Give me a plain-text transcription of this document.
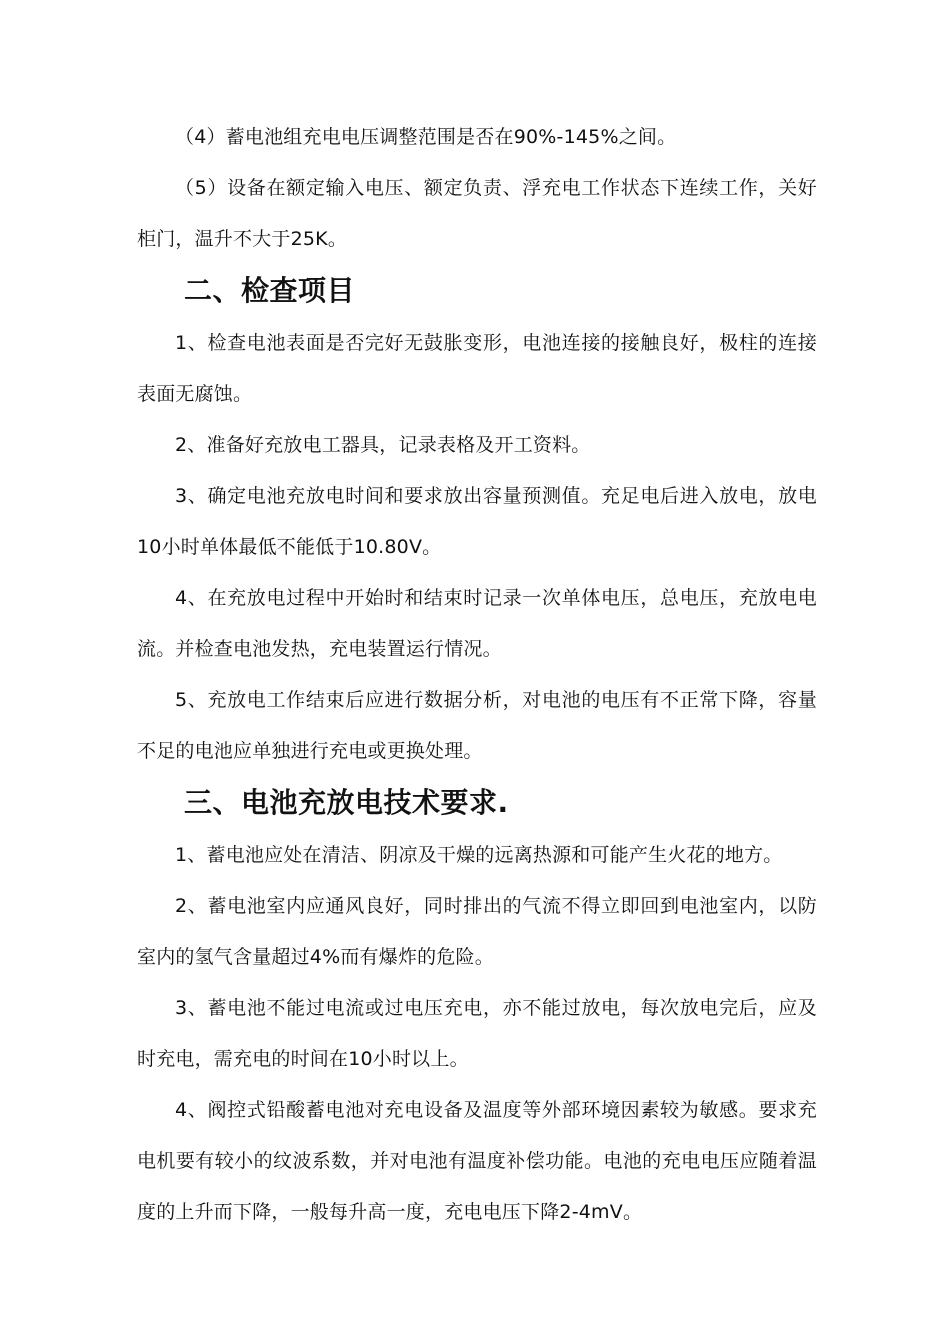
（4）蓄电池组充电电压调整范围是否在90%-145%之间。

（5）设备在额定输入电压、额定负责、浮充电工作状态下连续工作，关好柜门，温升不大于25K。

二、检查项目

1、检查电池表面是否完好无鼓胀变形，电池连接的接触良好，极柱的连接表面无腐蚀。

2、准备好充放电工器具，记录表格及开工资料。

3、确定电池充放电时间和要求放出容量预测值。充足电后进入放电，放电10小时单体最低不能低于10.80V。

4、在充放电过程中开始时和结束时记录一次单体电压，总电压，充放电电流。并检查电池发热，充电装置运行情况。

5、充放电工作结束后应进行数据分析，对电池的电压有不正常下降，容量不足的电池应单独进行充电或更换处理。

三、电池充放电技术要求.

1、蓄电池应处在清洁、阴凉及干燥的远离热源和可能产生火花的地方。

2、蓄电池室内应通风良好，同时排出的气流不得立即回到电池室内，以防室内的氢气含量超过4%而有爆炸的危险。

3、蓄电池不能过电流或过电压充电，亦不能过放电，每次放电完后，应及时充电，需充电的时间在10小时以上。

4、阀控式铅酸蓄电池对充电设备及温度等外部环境因素较为敏感。要求充电机要有较小的纹波系数，并对电池有温度补偿功能。电池的充电电压应随着温度的上升而下降，一般每升高一度，充电电压下降2-4mV。
